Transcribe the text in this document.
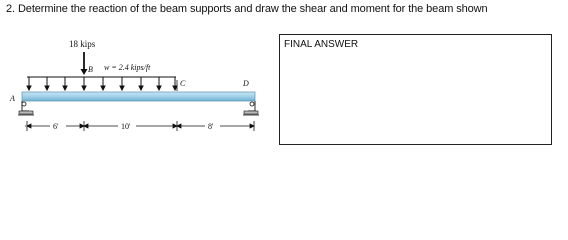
2. Determine the reaction of the beam supports and draw the shear and moment for the beam shown
18 kips
B w = 2.4 kips/ft
C	D
A
6'	10'	8'
FINAL ANSWER
